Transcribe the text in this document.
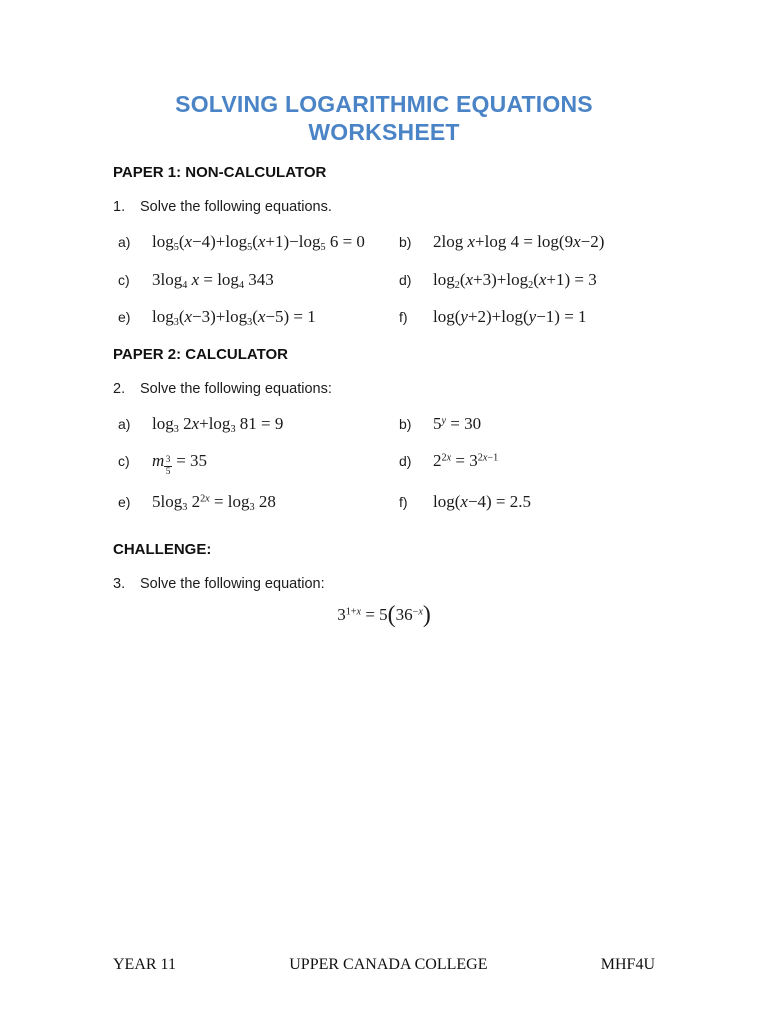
SOLVING LOGARITHMIC EQUATIONS
WORKSHEET
PAPER 1: NON-CALCULATOR
1.	Solve the following equations.
a)	$\log_5(x-4)+\log_5(x+1)-\log_5$ 6 = 0	b)	2log x+log 4 = log(9x−2)
c)	$3\log_4$ $x = \log_4 343$	d)	$\log_2(x+3)+\log_2(x+1) = 3$
e)	$\log_3(x-3)+\log_3(x-5) = 1$	f)	log(y+2)+log(y−1) = 1
PAPER 2: CALCULATOR
2.	Solve the following equations:
a)	$\log_3 2x+\log_3$ 81 = 9	b)	$5^y = 30$
c)	m $\frac{3}{5} = 35$	d)	$2^{2x} = 3^{2x-1}$
e)	$5\log_3$ $2^{2x} = \log_3 28$	f)	log(x−4) = 2.5
CHALLENGE:
3.	Solve the following equation:
$3^{1+x} = 5(36^{-x})$
YEAR 11	UPPER CANADA COLLEGE	MHF4U
